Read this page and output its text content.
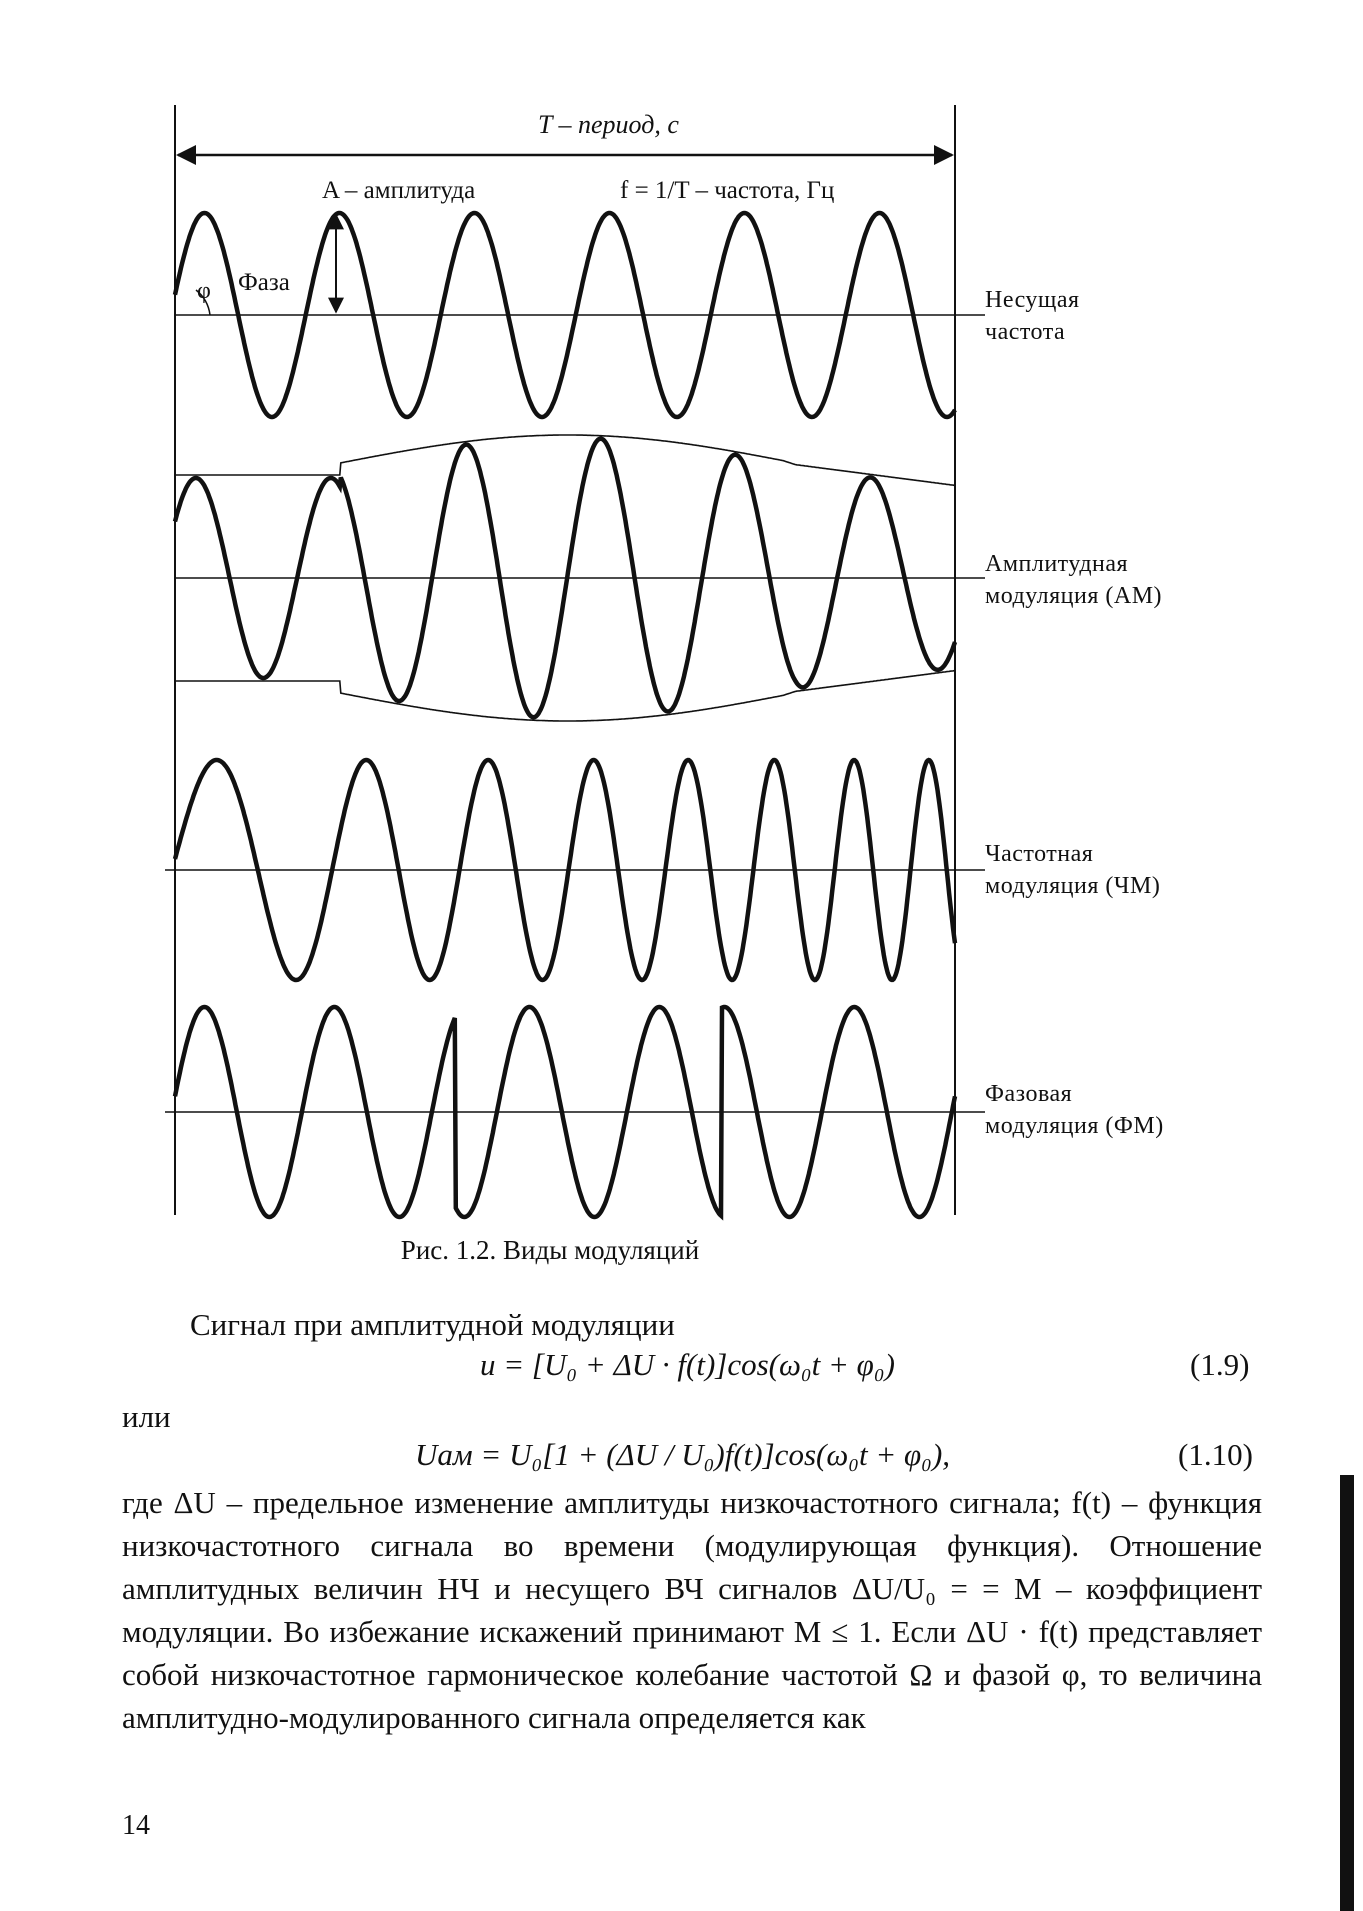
T – период, с
A – амплитуда	f = 1/T – частота, Гц
φ Фаза
Несущая
частота
Амплитудная
модуляция (АМ)
Частотная
модуляция (ЧМ)
Фазовая
модуляция (ФМ)
Рис. 1.2. Виды модуляций
Сигнал при амплитудной модуляции
u = [U₀ + ΔU · f(t)]cos(ω₀t + φ₀)	(1.9)
или
Uам = U₀[1 + (ΔU / U₀)f(t)]cos(ω₀t + φ₀),	(1.10)
где ΔU – предельное изменение амплитуды низкочастотного сигнала; f(t) – функция низкочастотного сигнала во времени (модулирующая функция). Отношение амплитудных величин НЧ и несущего ВЧ сигналов ΔU/U₀ = = M – коэффициент модуляции. Во избежание искажений принимают M ≤ 1. Если ΔU · f(t) представляет собой низкочастотное гармоническое колебание частотой Ω и фазой φ, то величина амплитудно-модулированного сигнала определяется как
14
